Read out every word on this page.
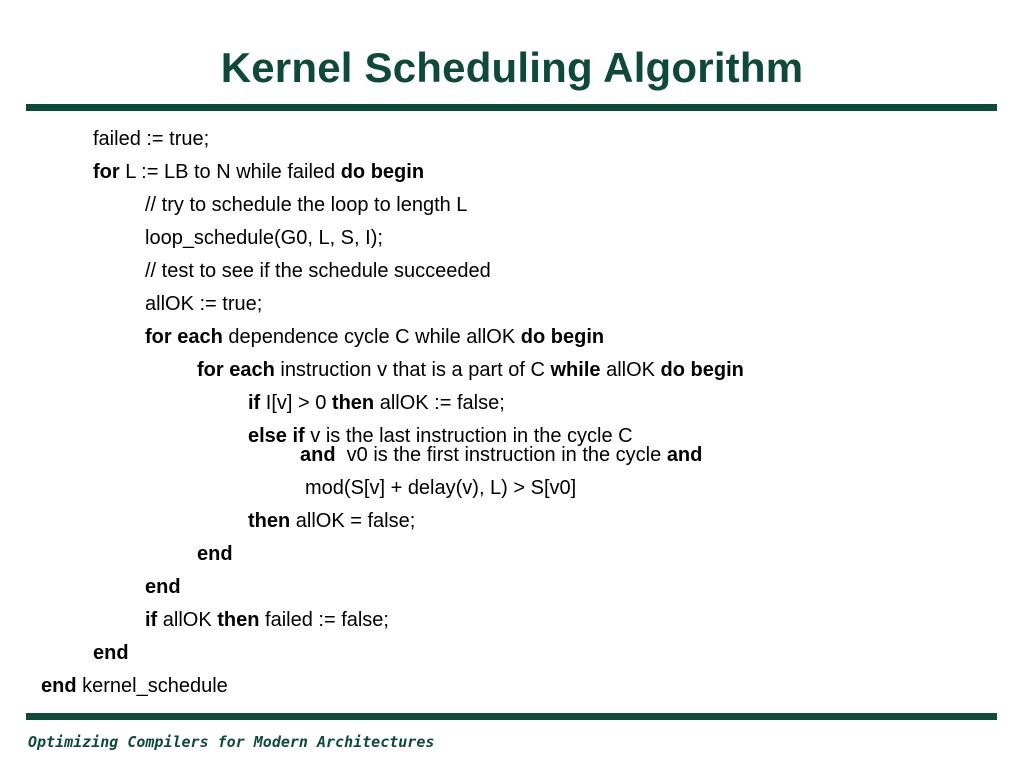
Kernel Scheduling Algorithm
failed := true;
for L := LB to N while failed do begin
// try to schedule the loop to length L
loop_schedule(G0, L, S, I);
// test to see if the schedule succeeded
allOK := true;
for each dependence cycle C while allOK do begin
for each instruction v that is a part of C while allOK do begin
if I[v] > 0 then allOK := false;
else if v is the last instruction in the cycle C
and  v0 is the first instruction in the cycle and
mod(S[v] + delay(v), L) > S[v0]
then allOK = false;
end
end
if allOK then failed := false;
end
end kernel_schedule
Optimizing Compilers for Modern Architectures
